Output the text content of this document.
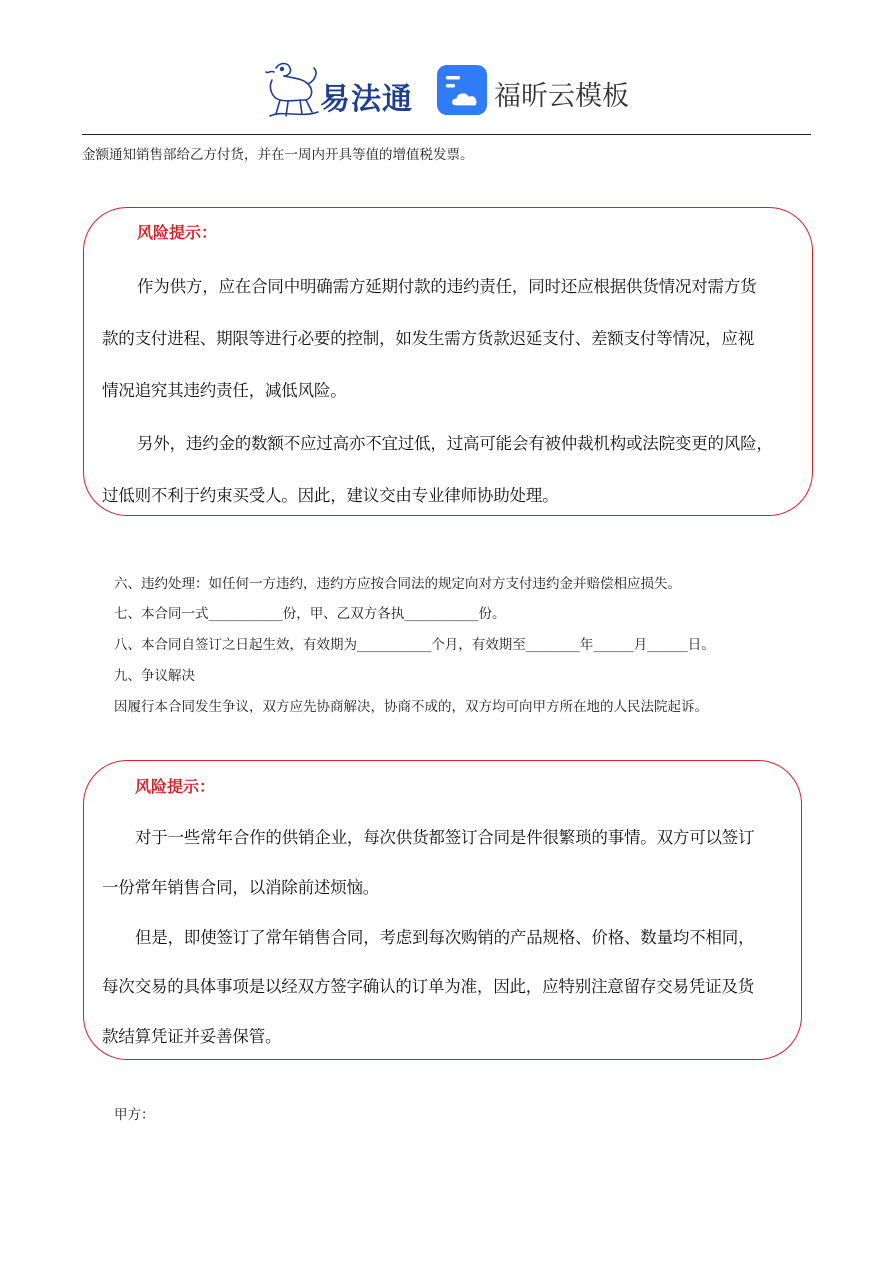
易法通	福昕云模板
金额通知销售部给乙方付货，并在一周内开具等值的增值税发票。
风险提示：
作为供方，应在合同中明确需方延期付款的违约责任，同时还应根据供货情况对需方货
款的支付进程、期限等进行必要的控制，如发生需方货款迟延支付、差额支付等情况，应视
情况追究其违约责任，减低风险。
另外，违约金的数额不应过高亦不宜过低，过高可能会有被仲裁机构或法院变更的风险，
过低则不利于约束买受人。因此，建议交由专业律师协助处理。
六、违约处理：如任何一方违约，违约方应按合同法的规定向对方支付违约金并赔偿相应损失。
七、本合同一式___________份，甲、乙双方各执___________份。
八、本合同自签订之日起生效，有效期为___________个月，有效期至________年______月______日。
九、争议解决
因履行本合同发生争议，双方应先协商解决，协商不成的，双方均可向甲方所在地的人民法院起诉。
风险提示：
对于一些常年合作的供销企业，每次供货都签订合同是件很繁琐的事情。双方可以签订
一份常年销售合同，以消除前述烦恼。
但是，即使签订了常年销售合同，考虑到每次购销的产品规格、价格、数量均不相同，
每次交易的具体事项是以经双方签字确认的订单为准，因此，应特别注意留存交易凭证及货
款结算凭证并妥善保管。
甲方：
